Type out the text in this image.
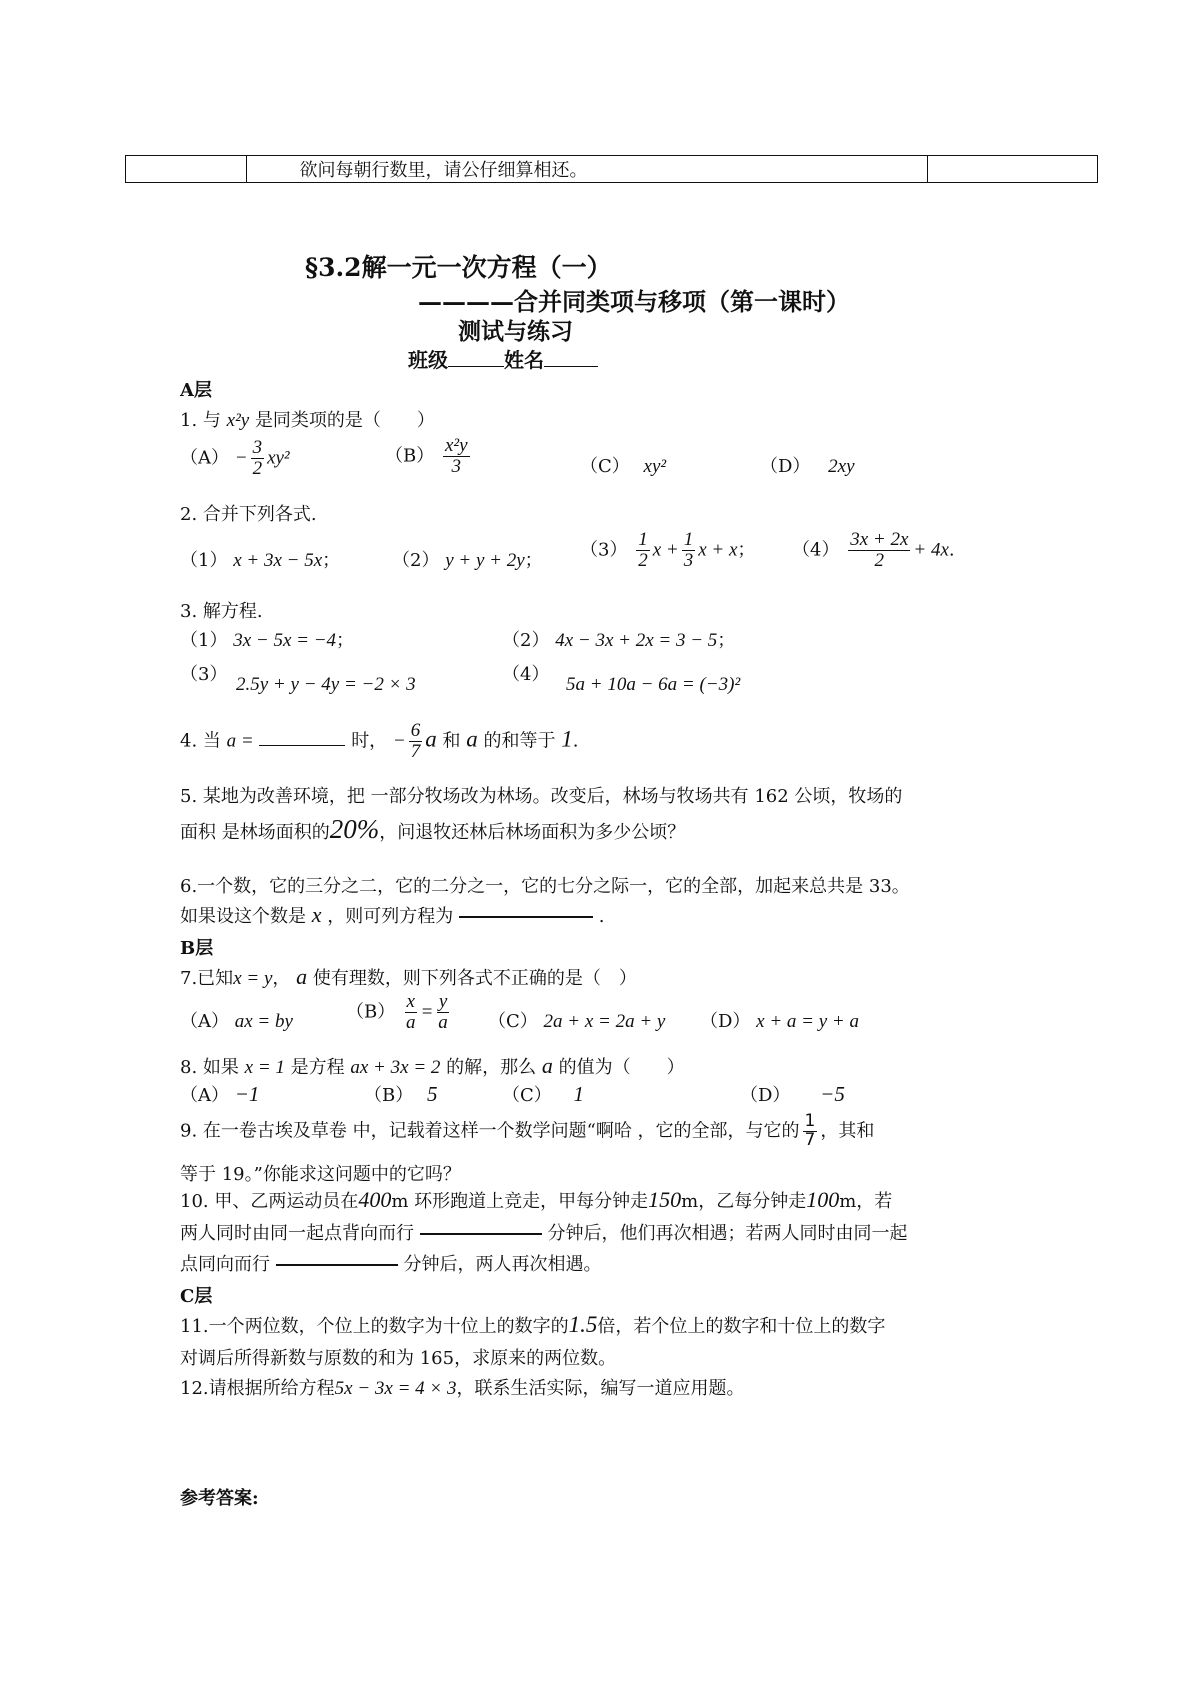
	欲问每朝行数里，请公仔细算相还。	
§3.2解一元一次方程（一）
————合并同类项与移项（第一课时）
测试与练习
班级	姓名
A层
1. 与 x²y 是同类项的是（　　）
$(A) - \frac{3}{2} xy^2$	$(B) \frac{\text{x²y}}{3}$	（C） xy²	（D） 2xy
2. 合并下列各式.
（1） x + 3x − 5x；	（2） y + y + 2y；
$(3) \frac{1}{2}$ $x + \frac{1}{3}$ x + x； $(4) \frac{3x + 2x}{2} + 4x$.
3. 解方程.
（1） 3x − 5x = −4；	（2） 4x − 3x + 2x = 3 − 5；
（3） 2.5y + y − 4y = −2 × 3	（4） 5a + 10a − 6a = (−3)²
4. 当 a =	时， − $\frac{6}{7}$ a 和 a 的和等于 1.
5. 某地为改善环境，把 一部分牧场改为林场。改变后，林场与牧场共有 162 公顷，牧场的
面积 是林场面积的20%，问退牧还林后林场面积为多少公顷？
6.一个数，它的三分之二，它的二分之一，它的七分之际一，它的全部，加起来总共是 33。
如果设这个数是 x ，则可列方程为	.
B层
7.已知x = y， a 使有理数，则下列各式不正确的是（　）
（A） ax = by	$(B) \frac{x}{a} = \frac{y}{a} (C) 2a + x = 2a + y$ （D） x + a = y + a
8. 如果 x = 1 是方程 ax + 3x = 2 的解，那么 a 的值为（　　）
（A） −1	（B） 5	（C） 1	（D） −5
9. 在一卷古埃及草卷 中，记载着这样一个数学问题“啊哈 ，它的全部，与它的 $\frac{1}{7}$ ，其和
等于 19。”你能求这问题中的它吗？
10. 甲、乙两运动员在400m 环形跑道上竞走，甲每分钟走150m，乙每分钟走100m，若
两人同时由同一起点背向而行	分钟后，他们再次相遇；若两人同时由同一起
点同向而行	分钟后，两人再次相遇。
C层
11.一个两位数，个位上的数字为十位上的数字的1.5倍，若个位上的数字和十位上的数字
对调后所得新数与原数的和为 165，求原来的两位数。
12.请根据所给方程5x − 3x = 4 × 3，联系生活实际，编写一道应用题。
参考答案:
